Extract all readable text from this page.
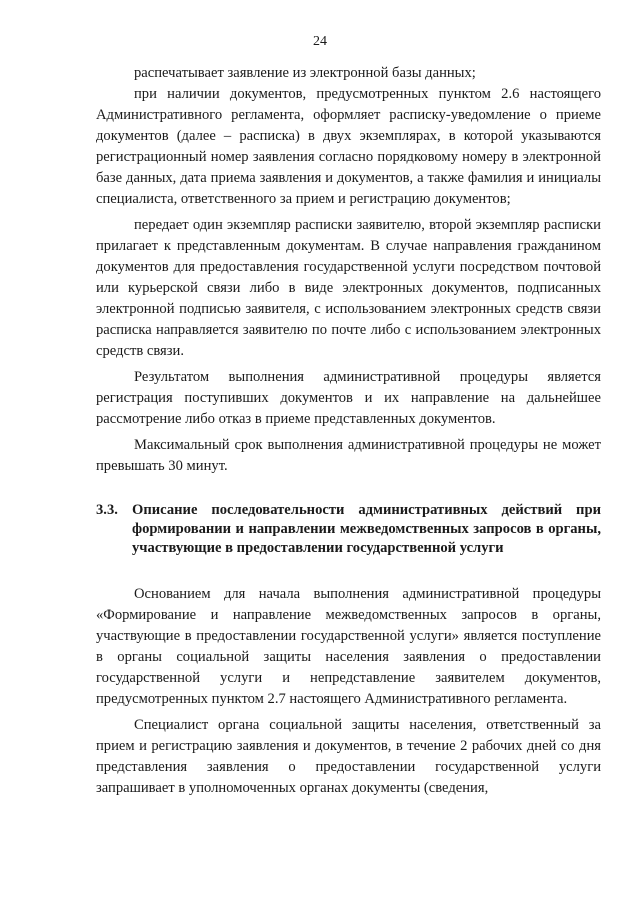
24

распечатывает заявление из электронной базы данных;

при наличии документов, предусмотренных пунктом 2.6 настоящего Административного регламента, оформляет расписку-уведомление о приеме документов (далее – расписка) в двух экземплярах, в которой указываются регистрационный номер заявления согласно порядковому номеру в электронной базе данных, дата приема заявления и документов, а также фамилия и инициалы специалиста, ответственного за прием и регистрацию документов;

передает один экземпляр расписки заявителю, второй экземпляр расписки прилагает к представленным документам. В случае направления гражданином документов для предоставления государственной услуги посредством почтовой или курьерской связи либо в виде электронных документов, подписанных электронной подписью заявителя, с использованием электронных средств связи расписка направляется заявителю по почте либо с использованием электронных средств связи.

Результатом выполнения административной процедуры является регистрация поступивших документов и их направление на дальнейшее рассмотрение либо отказ в приеме представленных документов.

Максимальный срок выполнения административной процедуры не может превышать 30 минут.

3.3. Описание последовательности административных действий при формировании и направлении межведомственных запросов в органы, участвующие в предоставлении государственной услуги

Основанием для начала выполнения административной процедуры «Формирование и направление межведомственных запросов в органы, участвующие в предоставлении государственной услуги» является поступление в органы социальной защиты населения заявления о предоставлении государственной услуги и непредставление заявителем документов, предусмотренных пунктом 2.7 настоящего Административного регламента.

Специалист органа социальной защиты населения, ответственный за прием и регистрацию заявления и документов, в течение 2 рабочих дней со дня представления заявления о предоставлении государственной услуги запрашивает в уполномоченных органах документы (сведения,
